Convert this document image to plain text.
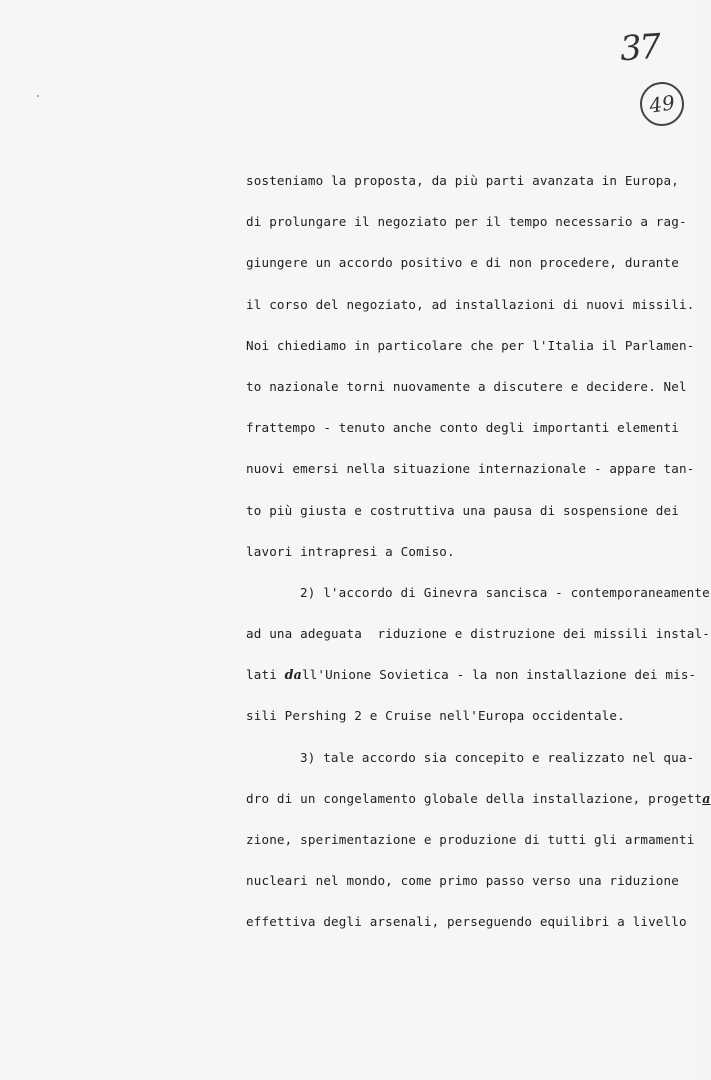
37
49
sosteniamo la proposta, da più parti avanzata in Europa,
di prolungare il negoziato per il tempo necessario a rag-
giungere un accordo positivo e di non procedere, durante
il corso del negoziato, ad installazioni di nuovi missili.
Noi chiediamo in particolare che per l'Italia il Parlamen-
to nazionale torni nuovamente a discutere e decidere. Nel
frattempo - tenuto anche conto degli importanti elementi
nuovi emersi nella situazione internazionale - appare tan-
to più giusta e costruttiva una pausa di sospensione dei
lavori intrapresi a Comiso.
2) l'accordo di Ginevra sancisca - contemporaneamente
ad una adeguata  riduzione e distruzione dei missili instal-
lati dall'Unione Sovietica - la non installazione dei mis-
sili Pershing 2 e Cruise nell'Europa occidentale.
3) tale accordo sia concepito e realizzato nel qua-
dro di un congelamento globale della installazione, progetta
zione, sperimentazione e produzione di tutti gli armamenti
nucleari nel mondo, come primo passo verso una riduzione
effettiva degli arsenali, perseguendo equilibri a livello
